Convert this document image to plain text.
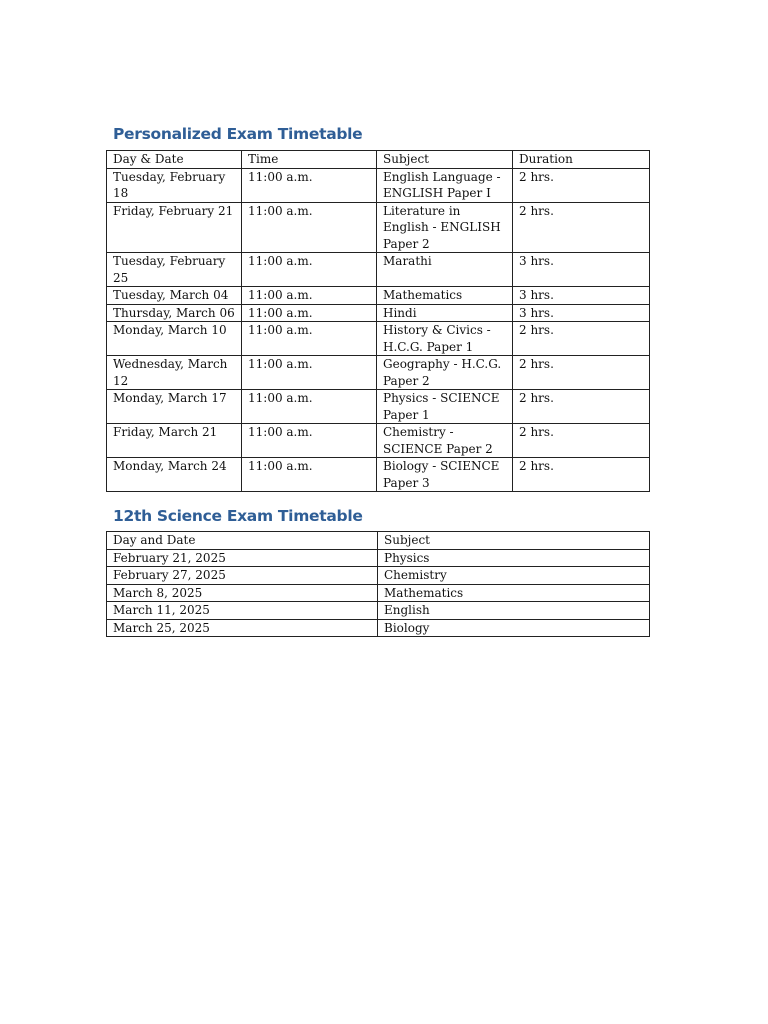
Personalized Exam Timetable
Day & Date	Time	Subject	Duration
Tuesday, February 18	11:00 a.m.	English Language - ENGLISH Paper I	2 hrs.
Friday, February 21	11:00 a.m.	Literature in English - ENGLISH Paper 2	2 hrs.
Tuesday, February 25	11:00 a.m.	Marathi	3 hrs.
Tuesday, March 04	11:00 a.m.	Mathematics	3 hrs.
Thursday, March 06	11:00 a.m.	Hindi	3 hrs.
Monday, March 10	11:00 a.m.	History & Civics - H.C.G. Paper 1	2 hrs.
Wednesday, March 12	11:00 a.m.	Geography - H.C.G. Paper 2	2 hrs.
Monday, March 17	11:00 a.m.	Physics - SCIENCE Paper 1	2 hrs.
Friday, March 21	11:00 a.m.	Chemistry - SCIENCE Paper 2	2 hrs.
Monday, March 24	11:00 a.m.	Biology - SCIENCE Paper 3	2 hrs.
12th Science Exam Timetable
Day and Date	Subject
February 21, 2025	Physics
February 27, 2025	Chemistry
March 8, 2025	Mathematics
March 11, 2025	English
March 25, 2025	Biology
